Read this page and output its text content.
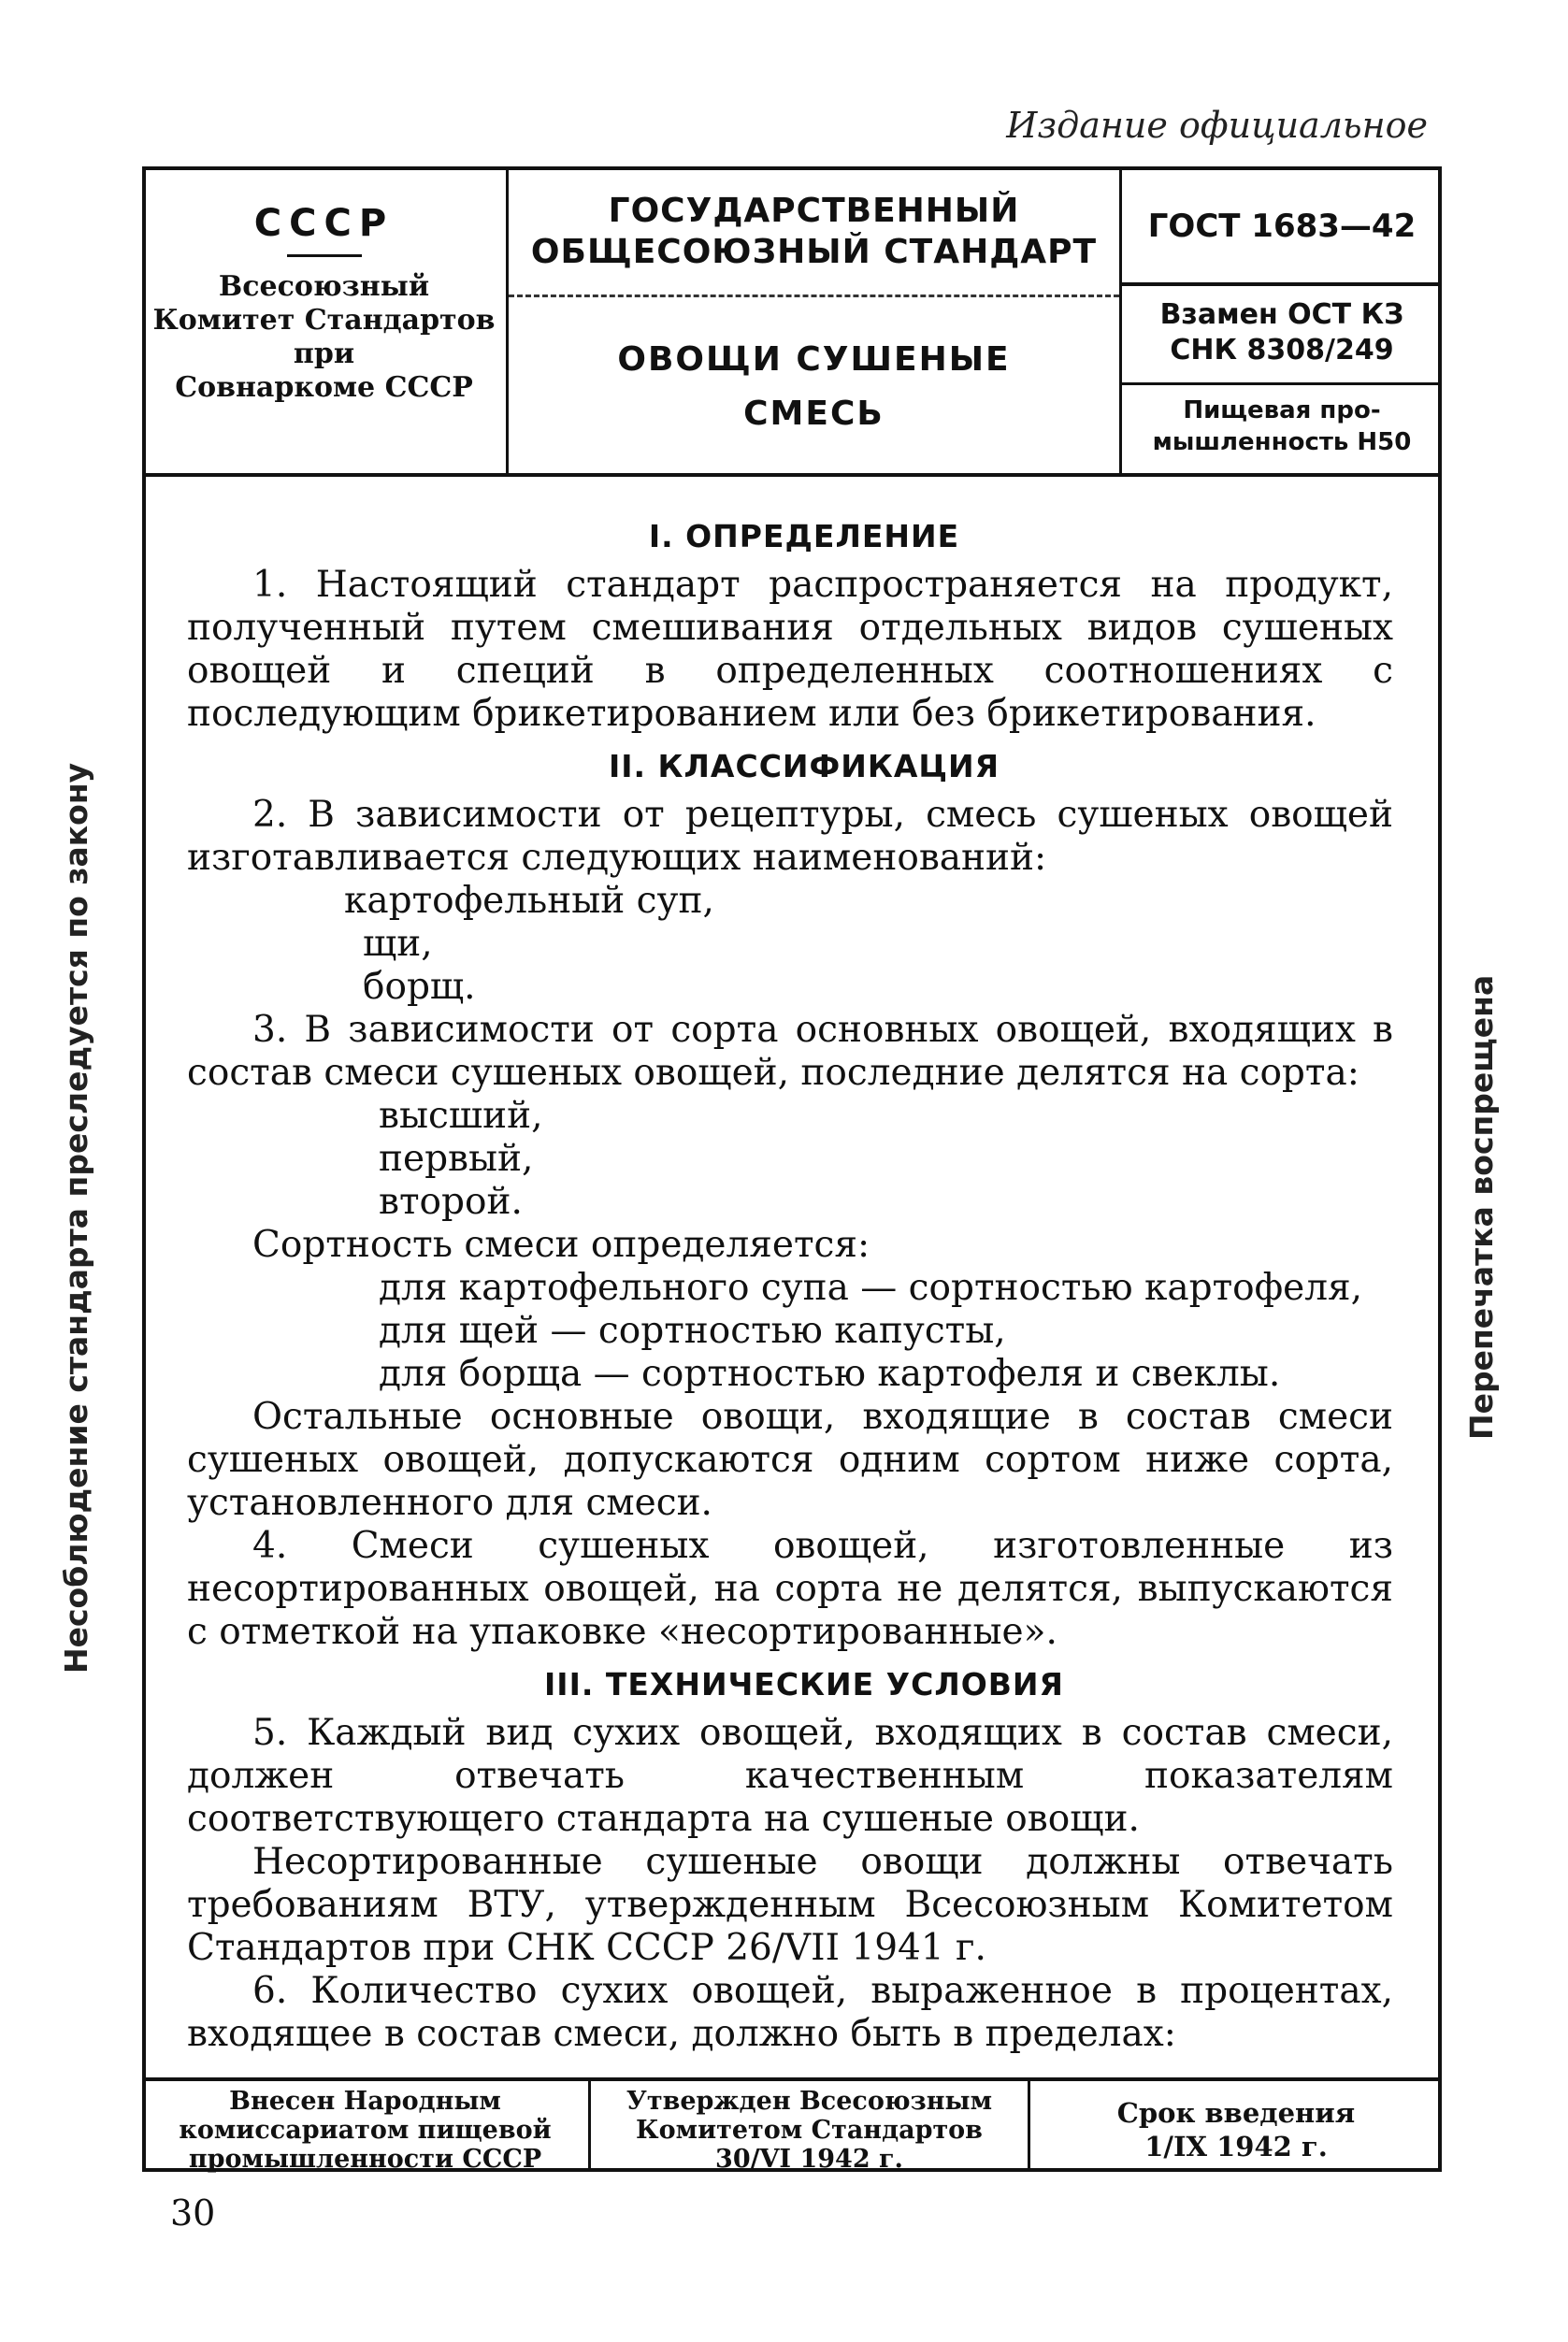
Издание официальное
Несоблюдение стандарта преследуется по закону	Перепечатка воспрещена
СССР
Всесоюзный
Комитет Стандартов
при
Совнаркоме СССР
ГОСУДАРСТВЕННЫЙ
ОБЩЕСОЮЗНЫЙ СТАНДАРТ
ОВОЩИ СУШЕНЫЕ
СМЕСЬ
ГОСТ 1683—42
Взамен ОСТ КЗ
СНК 8308/249
Пищевая про-
мышленность Н50
I. ОПРЕДЕЛЕНИЕ
1. Настоящий стандарт распространяется на продукт, полученный путем смешивания отдельных видов сушеных овощей и специй в определенных соотношениях с последующим брикетированием или без брикетирования.
II. КЛАССИФИКАЦИЯ
2. В зависимости от рецептуры, смесь сушеных овощей изготавливается следующих наименований:
картофельный суп,
щи,
борщ.
3. В зависимости от сорта основных овощей, входящих в состав смеси сушеных овощей, последние делятся на сорта:
высший,
первый,
второй.
Сортность смеси определяется:
для картофельного супа — сортностью картофеля,
для щей — сортностью капусты,
для борща — сортностью картофеля и свеклы.
Остальные основные овощи, входящие в состав смеси сушеных овощей, допускаются одним сортом ниже сорта, установленного для смеси.
4. Смеси сушеных овощей, изготовленные из несортированных овощей, на сорта не делятся, выпускаются с отметкой на упаковке «несортированные».
III. ТЕХНИЧЕСКИЕ УСЛОВИЯ
5. Каждый вид сухих овощей, входящих в состав смеси, должен отвечать качественным показателям соответствующего стандарта на сушеные овощи.
Несортированные сушеные овощи должны отвечать требованиям ВТУ, утвержденным Всесоюзным Комитетом Стандартов при СНК СССР 26/VII 1941 г.
6. Количество сухих овощей, выраженное в процентах, входящее в состав смеси, должно быть в пределах:
Внесен Народным
комиссариатом пищевой
промышленности СССР
Утвержден Всесоюзным
Комитетом Стандартов
30/VI 1942 г.
Срок введения
1/IX 1942 г.
30
